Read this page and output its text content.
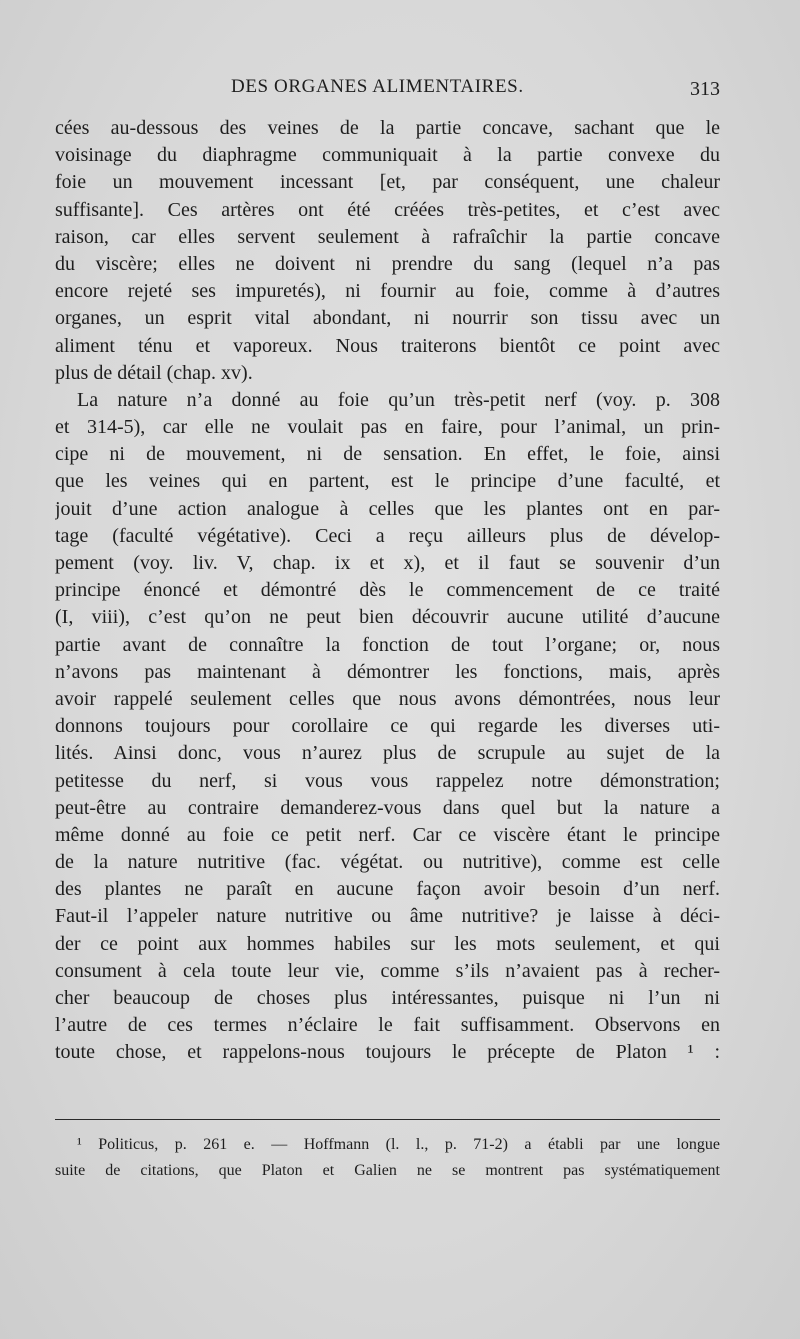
DES ORGANES ALIMENTAIRES.	313
cées au-dessous des veines de la partie concave, sachant que le
voisinage du diaphragme communiquait à la partie convexe du
foie un mouvement incessant [et, par conséquent, une chaleur
suffisante]. Ces artères ont été créées très-petites, et c’est avec
raison, car elles servent seulement à rafraîchir la partie concave
du viscère; elles ne doivent ni prendre du sang (lequel n’a pas
encore rejeté ses impuretés), ni fournir au foie, comme à d’autres
organes, un esprit vital abondant, ni nourrir son tissu avec un
aliment ténu et vaporeux. Nous traiterons bientôt ce point avec
plus de détail (chap. xv).
La nature n’a donné au foie qu’un très-petit nerf (voy. p. 308
et 314-5), car elle ne voulait pas en faire, pour l’animal, un prin-
cipe ni de mouvement, ni de sensation. En effet, le foie, ainsi
que les veines qui en partent, est le principe d’une faculté, et
jouit d’une action analogue à celles que les plantes ont en par-
tage (faculté végétative). Ceci a reçu ailleurs plus de dévelop-
pement (voy. liv. V, chap. ix et x), et il faut se souvenir d’un
principe énoncé et démontré dès le commencement de ce traité
(I, viii), c’est qu’on ne peut bien découvrir aucune utilité d’aucune
partie avant de connaître la fonction de tout l’organe; or, nous
n’avons pas maintenant à démontrer les fonctions, mais, après
avoir rappelé seulement celles que nous avons démontrées, nous leur
donnons toujours pour corollaire ce qui regarde les diverses uti-
lités. Ainsi donc, vous n’aurez plus de scrupule au sujet de la
petitesse du nerf, si vous vous rappelez notre démonstration;
peut-être au contraire demanderez-vous dans quel but la nature a
même donné au foie ce petit nerf. Car ce viscère étant le principe
de la nature nutritive (fac. végétat. ou nutritive), comme est celle
des plantes ne paraît en aucune façon avoir besoin d’un nerf.
Faut-il l’appeler nature nutritive ou âme nutritive? je laisse à déci-
der ce point aux hommes habiles sur les mots seulement, et qui
consument à cela toute leur vie, comme s’ils n’avaient pas à recher-
cher beaucoup de choses plus intéressantes, puisque ni l’un ni
l’autre de ces termes n’éclaire le fait suffisamment. Observons en
toute chose, et rappelons-nous toujours le précepte de Platon ¹ :
¹ Politicus, p. 261 e. — Hoffmann (l. l., p. 71-2) a établi par une longue
suite de citations, que Platon et Galien ne se montrent pas systématiquement
